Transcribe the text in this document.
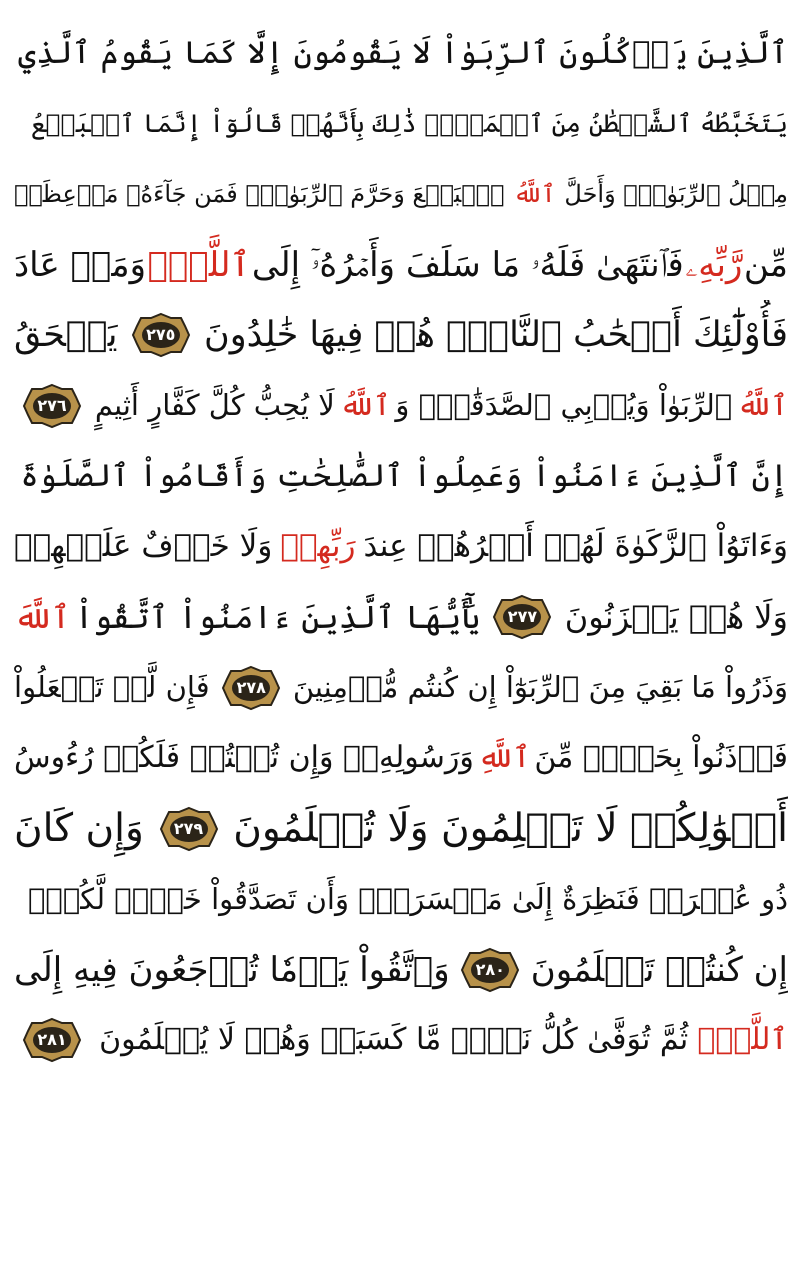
ٱلَّذِينَ يَأۡكُلُونَ ٱلرِّبَوٰاْ لَا يَقُومُونَ إِلَّا كَمَا يَقُومُ ٱلَّذِي
يَتَخَبَّطُهُ ٱلشَّيۡطَٰنُ مِنَ ٱلۡمَسِّۚ ذَٰلِكَ بِأَنَّهُمۡ قَالُوٓاْ إِنَّمَا ٱلۡبَيۡعُ
مِثۡلُ ٱلرِّبَوٰاْۗ وَأَحَلَّ
ٱللَّهُ
ٱلۡبَيۡعَ وَحَرَّمَ ٱلرِّبَوٰاْۚ فَمَن جَآءَهُۥ مَوۡعِظَةٞ
مِّن
رَّبِّهِۦ
فَٱنتَهَىٰ فَلَهُۥ مَا سَلَفَ وَأَمۡرُهُۥٓ إِلَى
ٱللَّهِۖ
وَمَنۡ عَادَ
فَأُوْلَٰٓئِكَ أَصۡحَٰبُ ٱلنَّارِۖ هُمۡ فِيهَا خَٰلِدُونَ
٢٧٥
يَمۡحَقُ
ٱللَّهُ
ٱلرِّبَوٰاْ وَيُرۡبِي ٱلصَّدَقَٰتِۗ وَ
ٱللَّهُ
لَا يُحِبُّ كُلَّ كَفَّارٍ أَثِيمٍ
٢٧٦
إِنَّ ٱلَّذِينَ ءَامَنُواْ وَعَمِلُواْ ٱلصَّٰلِحَٰتِ وَأَقَامُواْ ٱلصَّلَوٰةَ
وَءَاتَوُاْ ٱلزَّكَوٰةَ لَهُمۡ أَجۡرُهُمۡ عِندَ
رَبِّهِمۡ
وَلَا خَوۡفٌ عَلَيۡهِمۡ
وَلَا هُمۡ يَحۡزَنُونَ
٢٧٧
يَٰٓأَيُّهَا ٱلَّذِينَ ءَامَنُواْ ٱتَّقُواْ
ٱللَّهَ
وَذَرُواْ مَا بَقِيَ مِنَ ٱلرِّبَوٰٓاْ إِن كُنتُم مُّؤۡمِنِينَ
٢٧٨
فَإِن لَّمۡ تَفۡعَلُواْ
فَأۡذَنُواْ بِحَرۡبٖ مِّنَ
ٱللَّهِ
وَرَسُولِهِۦۖ وَإِن تُبۡتُمۡ فَلَكُمۡ رُءُوسُ
أَمۡوَٰلِكُمۡ لَا تَظۡلِمُونَ وَلَا تُظۡلَمُونَ
٢٧٩
وَإِن كَانَ
ذُو عُسۡرَةٖ فَنَظِرَةٌ إِلَىٰ مَيۡسَرَةٖۚ وَأَن تَصَدَّقُواْ خَيۡرٞ لَّكُمۡۖ
إِن كُنتُمۡ تَعۡلَمُونَ
٢٨٠
وَٱتَّقُواْ يَوۡمٗا تُرۡجَعُونَ فِيهِ إِلَى
ٱللَّهِۖ
ثُمَّ تُوَفَّىٰ كُلُّ نَفۡسٖ مَّا كَسَبَتۡ وَهُمۡ لَا يُظۡلَمُونَ
٢٨١
